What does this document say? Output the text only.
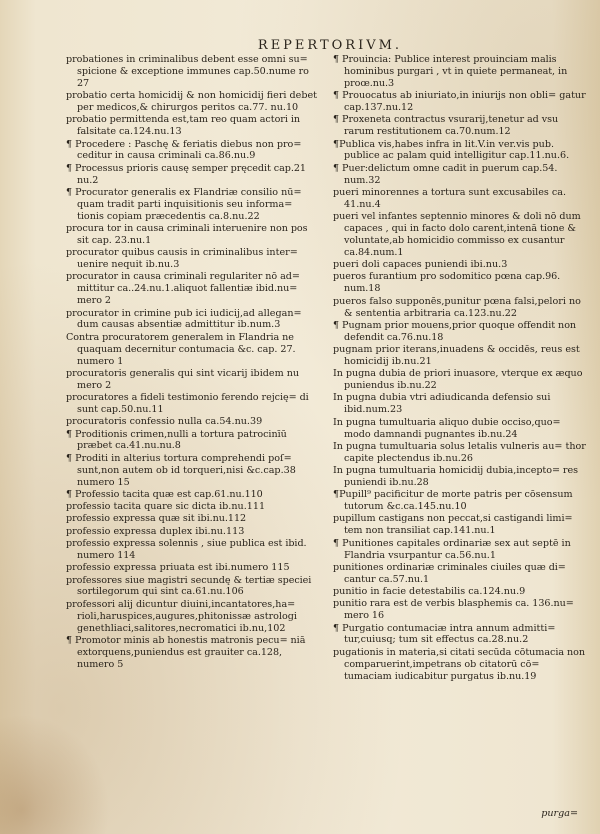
REPERTORIVM.

probationes in criminalibus debent esse omni su= spicione & exceptione immunes cap.50.nume ro 27

probatio certa homicidij & non homicidij fieri debet per medicos,& chirurgos peritos ca.77. nu.10

probatio permittenda est,tam reo quam actori in falsitate ca.124.nu.13

¶ Procedere : Paschę & feriatis diebus non pro= ceditur in causa criminali ca.86.nu.9

¶ Processus prioris causę semper pręcedit cap.21 nu.2

¶ Procurator generalis ex Flandriæ consilio nū= quam tradit parti inquisitionis seu informa= tionis copiam præcedentis ca.8.nu.22

procura tor in causa criminali interuenire non pos sit cap. 23.nu.1

procurator quibus causis in criminalibus inter= uenire nequit ib.nu.3

procurator in causa criminali regulariter nō ad= mittitur ca..24.nu.1.aliquot fallentiæ ibid.nu= mero 2

procurator in crimine pub ici iudicij,ad allegan= dum causas absentiæ admittitur ib.num.3

Contra procuratorem generalem in Flandria ne quaquam decernitur contumacia &c. cap. 27. numero 1

procuratoris generalis qui sint vicarij ibidem nu mero 2

procuratores a fideli testimonio ferendo rejcię= di sunt cap.50.nu.11

procuratoris confessio nulla ca.54.nu.39

¶ Proditionis crimen,nulli a tortura patrocinīū præbet ca.41.nu.nu.8

¶ Proditi in alterius tortura comprehendi poſ= sunt,non autem ob id torqueri,nisi &c.cap.38 numero 15

¶ Professio tacita quæ est cap.61.nu.110

professio tacita quare sic dicta ib.nu.111

professio expressa quæ sit ibi.nu.112

professio expressa duplex ibi.nu.113

professio expressa solennis , siue publica est ibid. numero 114

professio expressa priuata est ibi.numero 115

professores siue magistri secundę & tertiæ speciei sortilegorum qui sint ca.61.nu.106

professori alij dicuntur diuini,incantatores,ha= rioli,haruspices,augures,phitonissæ astrologi genethliaci,salitores,necromatici ib.nu,102

¶ Promotor minis ab honestis matronis pecu= niā extorquens,puniendus est grauiter ca.128, numero 5

¶ Prouincia: Publice interest prouinciam malis hominibus purgari , vt in quiete permaneat, in proœ.nu.3

¶ Prouocatus ab iniuriato,in iniurijs non obli= gatur cap.137.nu.12

¶ Proxeneta contractus vsurarij,tenetur ad vsu rarum restitutionem ca.70.num.12

¶Publica vis,habes infra in lit.V.in ver.vis pub. publice ac palam quid intelligitur cap.11.nu.6.

¶ Puer:delictum omne cadit in puerum cap.54. num.32

pueri minorennes a tortura sunt excusabiles ca. 41.nu.4

pueri vel infantes septennio minores & doli nō dum capaces , qui in facto dolo carent,intenā tione & voluntate,ab homicidio commisso ex cusantur ca.84.num.1

pueri doli capaces puniendi ibi.nu.3

pueros furantium pro sodomitico pœna cap.96. num.18

pueros falso supponēs,punitur pœna falsi,pelori no & sententia arbitraria ca.123.nu.22

¶ Pugnam prior mouens,prior quoque offendit non defendit ca.76.nu.18

pugnam prior iterans,inuadens & occidēs, reus est homicidij ib.nu.21

In pugna dubia de priori inuasore, vterque ex æquo puniendus ib.nu.22

In pugna dubia vtri adiudicanda defensio sui ibid.num.23

In pugna tumultuaria aliquo dubie occiso,quo= modo damnandi pugnantes ib.nu.24

In pugna tumultuaria solus letalis vulneris au= thor capite plectendus ib.nu.26

In pugna tumultuaria homicidij dubia,incepto= res puniendi ib.nu.28

¶Pupill⁹ pacificitur de morte patris per cōsensum tutorum &c.ca.145.nu.10

pupillum castigans non peccat,si castigandi limi= tem non transiliat cap.141.nu.1

¶ Punitiones capitales ordinariæ sex aut septē in Flandria vsurpantur ca.56.nu.1

punitiones ordinariæ criminales ciuiles quæ di= cantur ca.57.nu.1

punitio in facie detestabilis ca.124.nu.9

punitio rara est de verbis blasphemis ca. 136.nu= mero 16

¶ Purgatio contumaciæ intra annum admitti= tur,cuiusq; tum sit effectus ca.28.nu.2

pugationis in materia,si citati secūda cōtumacia non comparuerint,impetrans ob citatorū cō= tumaciam iudicabitur purgatus ib.nu.19

purga=
